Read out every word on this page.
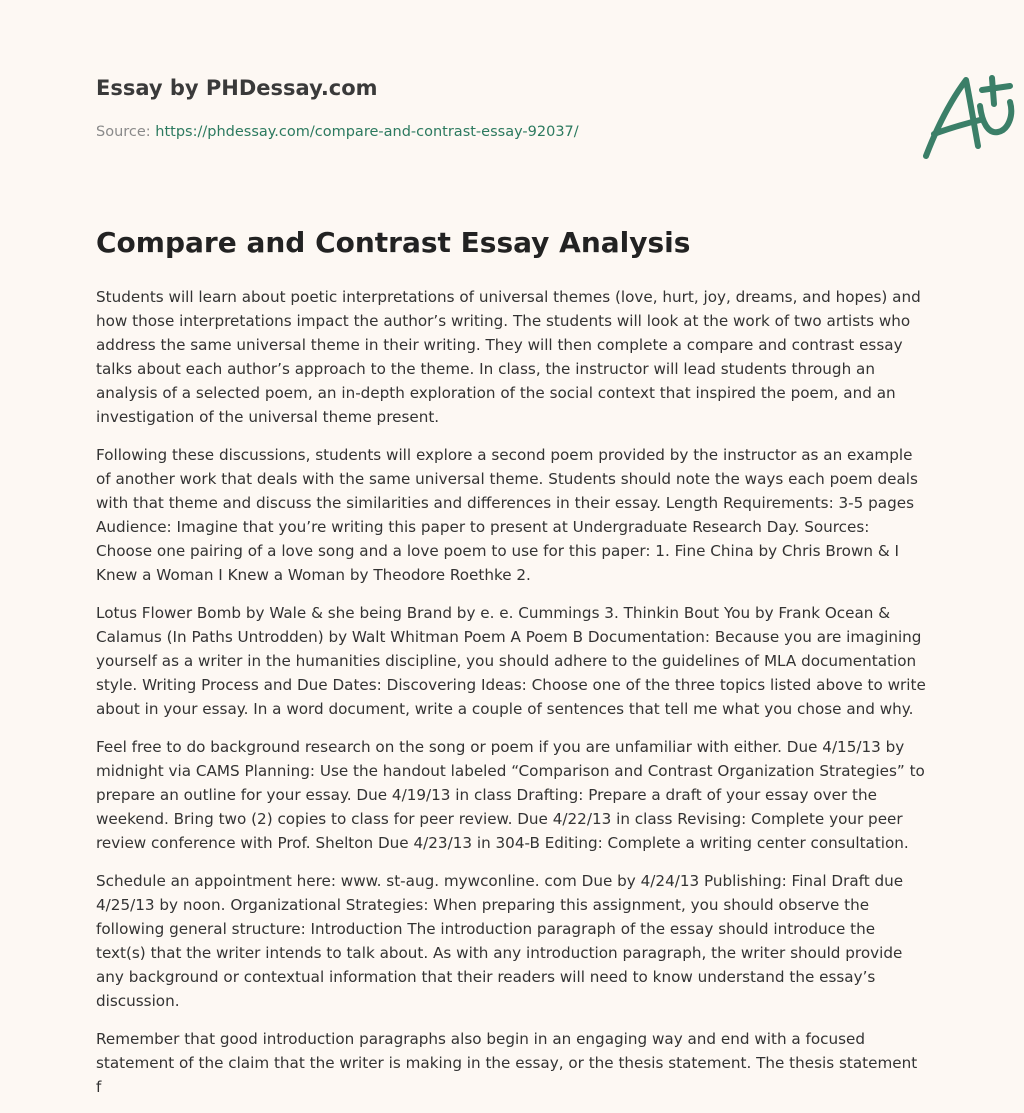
Essay by PHDessay.com
Source: https://phdessay.com/compare-and-contrast-essay-92037/
Compare and Contrast Essay Analysis

Students will learn about poetic interpretations of universal themes (love, hurt, joy, dreams, and hopes) and how those interpretations impact the author’s writing. The students will look at the work of two artists who address the same universal theme in their writing. They will then complete a compare and contrast essay talks about each author’s approach to the theme. In class, the instructor will lead students through an analysis of a selected poem, an in-depth exploration of the social context that inspired the poem, and an investigation of the universal theme present.

Following these discussions, students will explore a second poem provided by the instructor as an example of another work that deals with the same universal theme. Students should note the ways each poem deals with that theme and discuss the similarities and differences in their essay. Length Requirements: 3-5 pages Audience: Imagine that you’re writing this paper to present at Undergraduate Research Day. Sources: Choose one pairing of a love song and a love poem to use for this paper: 1. Fine China by Chris Brown & I Knew a Woman I Knew a Woman by Theodore Roethke 2.

Lotus Flower Bomb by Wale & she being Brand by e. e. Cummings 3. Thinkin Bout You by Frank Ocean & Calamus (In Paths Untrodden) by Walt Whitman Poem A Poem B Documentation: Because you are imagining yourself as a writer in the humanities discipline, you should adhere to the guidelines of MLA documentation style. Writing Process and Due Dates: Discovering Ideas: Choose one of the three topics listed above to write about in your essay. In a word document, write a couple of sentences that tell me what you chose and why.

Feel free to do background research on the song or poem if you are unfamiliar with either. Due 4/15/13 by midnight via CAMS Planning: Use the handout labeled “Comparison and Contrast Organization Strategies” to prepare an outline for your essay. Due 4/19/13 in class Drafting: Prepare a draft of your essay over the weekend. Bring two (2) copies to class for peer review. Due 4/22/13 in class Revising: Complete your peer review conference with Prof. Shelton Due 4/23/13 in 304-B Editing: Complete a writing center consultation.

Schedule an appointment here: www. st-aug. mywconline. com Due by 4/24/13 Publishing: Final Draft due 4/25/13 by noon. Organizational Strategies: When preparing this assignment, you should observe the following general structure: Introduction The introduction paragraph of the essay should introduce the text(s) that the writer intends to talk about. As with any introduction paragraph, the writer should provide any background or contextual information that their readers will need to know understand the essay’s discussion.

Remember that good introduction paragraphs also begin in an engaging way and end with a focused statement of the claim that the writer is making in the essay, or the thesis statement. The thesis statement f
